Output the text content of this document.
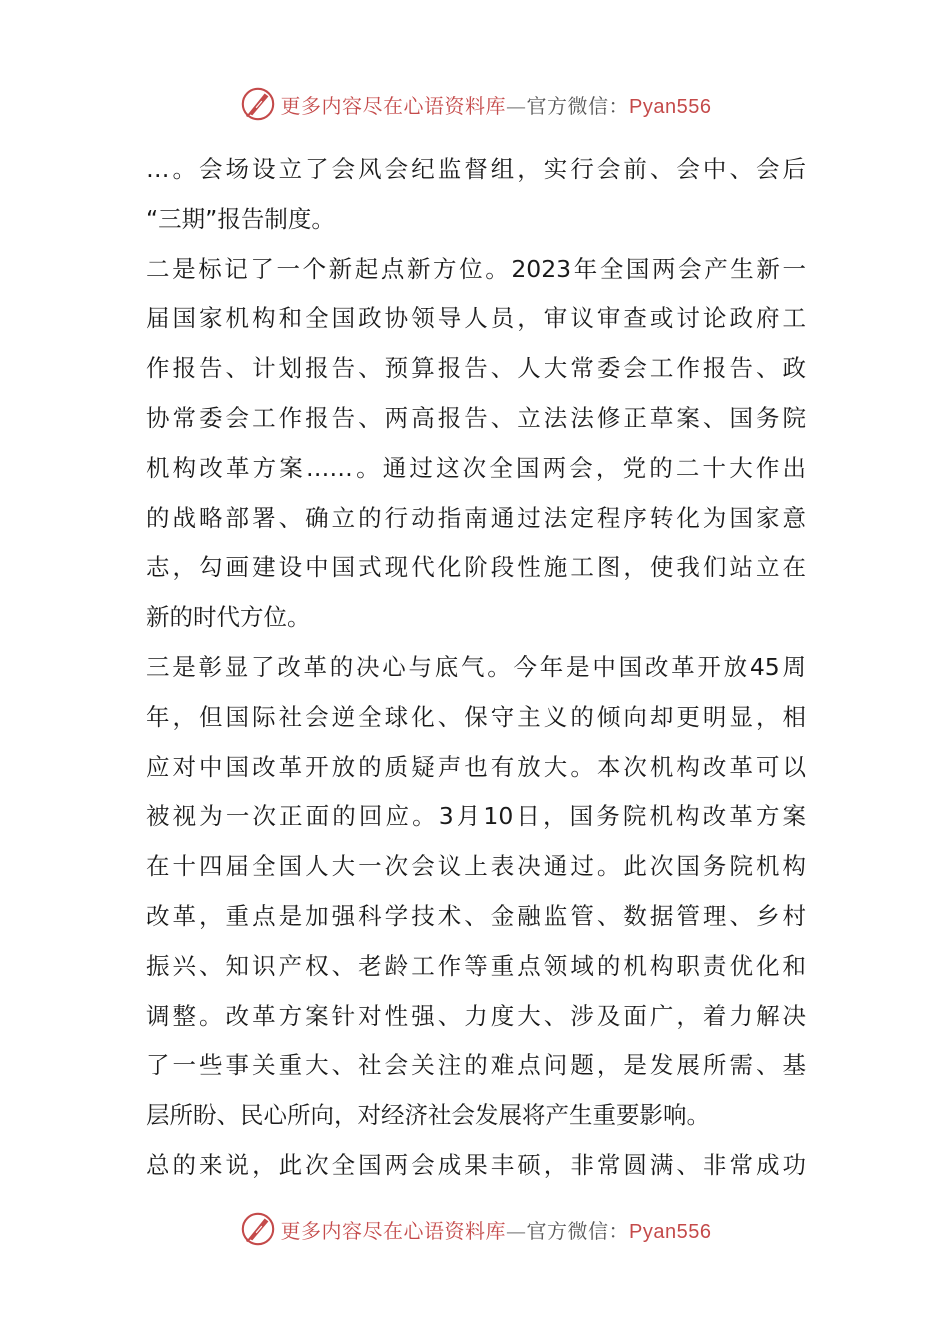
更多内容尽在心语资料库—官方微信：Pyan556
…。会场设立了会风会纪监督组，实行会前、会中、会后
“三期”报告制度。
二是标记了一个新起点新方位。2023年全国两会产生新一
届国家机构和全国政协领导人员，审议审查或讨论政府工
作报告、计划报告、预算报告、人大常委会工作报告、政
协常委会工作报告、两高报告、立法法修正草案、国务院
机构改革方案……。通过这次全国两会，党的二十大作出
的战略部署、确立的行动指南通过法定程序转化为国家意
志，勾画建设中国式现代化阶段性施工图，使我们站立在
新的时代方位。
三是彰显了改革的决心与底气。今年是中国改革开放45周
年，但国际社会逆全球化、保守主义的倾向却更明显，相
应对中国改革开放的质疑声也有放大。本次机构改革可以
被视为一次正面的回应。3月10日，国务院机构改革方案
在十四届全国人大一次会议上表决通过。此次国务院机构
改革，重点是加强科学技术、金融监管、数据管理、乡村
振兴、知识产权、老龄工作等重点领域的机构职责优化和
调整。改革方案针对性强、力度大、涉及面广，着力解决
了一些事关重大、社会关注的难点问题，是发展所需、基
层所盼、民心所向，对经济社会发展将产生重要影响。
总的来说，此次全国两会成果丰硕，非常圆满、非常成功
更多内容尽在心语资料库—官方微信：Pyan556
